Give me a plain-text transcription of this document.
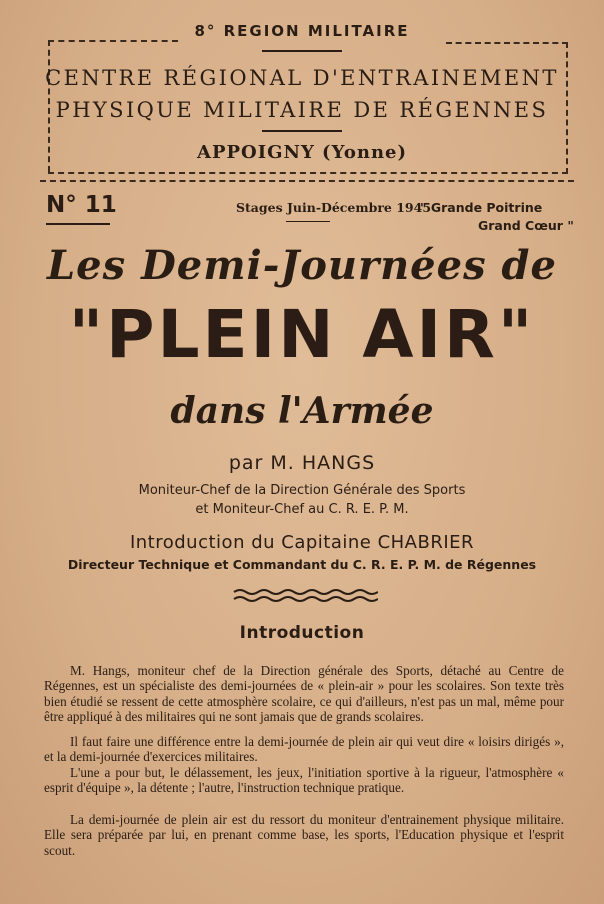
8° REGION MILITAIRE
CENTRE RÉGIONAL D'ENTRAINEMENT
PHYSIQUE MILITAIRE DE RÉGENNES
APPOIGNY (Yonne)
N° 11	Stages Juin-Décembre 1945
" Grande Poitrine
Grand Cœur "
Les Demi-Journées de
"PLEIN AIR"
dans l'Armée
par M. HANGS
Moniteur-Chef de la Direction Générale des Sports
et Moniteur-Chef au C. R. E. P. M.
Introduction du Capitaine CHABRIER
Directeur Technique et Commandant du C. R. E. P. M. de Régennes
Introduction
M. Hangs, moniteur chef de la Direction générale des Sports, détaché au Centre de Régennes, est un spécialiste des demi-journées de « plein-air » pour les scolaires. Son texte très bien étudié se ressent de cette atmosphère scolaire, ce qui d'ailleurs, n'est pas un mal, même pour être appliqué à des militaires qui ne sont jamais que de grands scolaires.
Il faut faire une différence entre la demi-journée de plein air qui veut dire « loisirs dirigés », et la demi-journée d'exercices militaires.
L'une a pour but, le délassement, les jeux, l'initiation sportive à la rigueur, l'atmosphère « esprit d'équipe », la détente ; l'autre, l'instruction technique pratique.
La demi-journée de plein air est du ressort du moniteur d'entrainement physique militaire. Elle sera préparée par lui, en prenant comme base, les sports, l'Education physique et l'esprit scout.
